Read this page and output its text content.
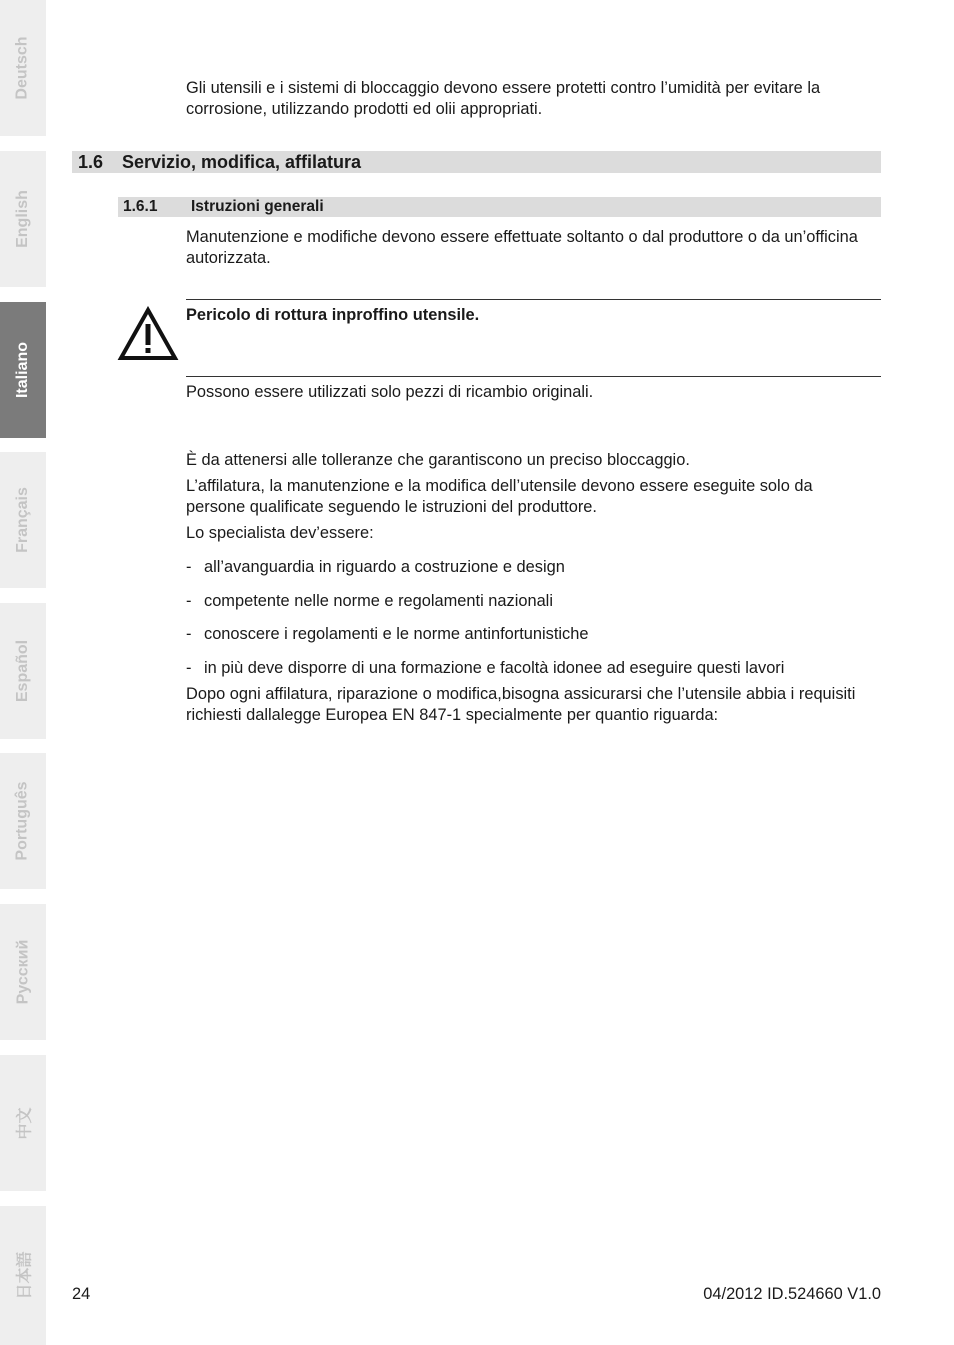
Deutsch
English
Italiano
Français
Español
Português
Русский
中文
日本語

Gli utensili e i sistemi di bloccaggio devono essere protetti contro l’umidità per evitare la corrosione, utilizzando prodotti ed olii appropriati.

1.6 Servizio, modifica, affilatura
1.6.1 Istruzioni generali

Manutenzione e modifiche devono essere effettuate soltanto o dal produttore o da un’officina autorizzata.

Pericolo di rottura inproffino utensile.

Possono essere utilizzati solo pezzi di ricambio originali.

È da attenersi alle tolleranze che garantiscono un preciso bloccaggio.

L’affilatura, la manutenzione e la modifica dell’utensile devono essere eseguite solo da persone qualificate seguendo le istruzioni del produttore.

Lo specialista dev’essere:

- all’avanguardia in riguardo a costruzione e design
- competente nelle norme e regolamenti nazionali
- conoscere i regolamenti e le norme antinfortunistiche
- in più deve disporre di una formazione e facoltà idonee ad eseguire questi lavori

Dopo ogni affilatura, riparazione o modifica,bisogna assicurarsi che l’utensile abbia i requisiti richiesti dallalegge Europea EN 847-1 specialmente per quantio riguarda:

24	04/2012 ID.524660 V1.0
